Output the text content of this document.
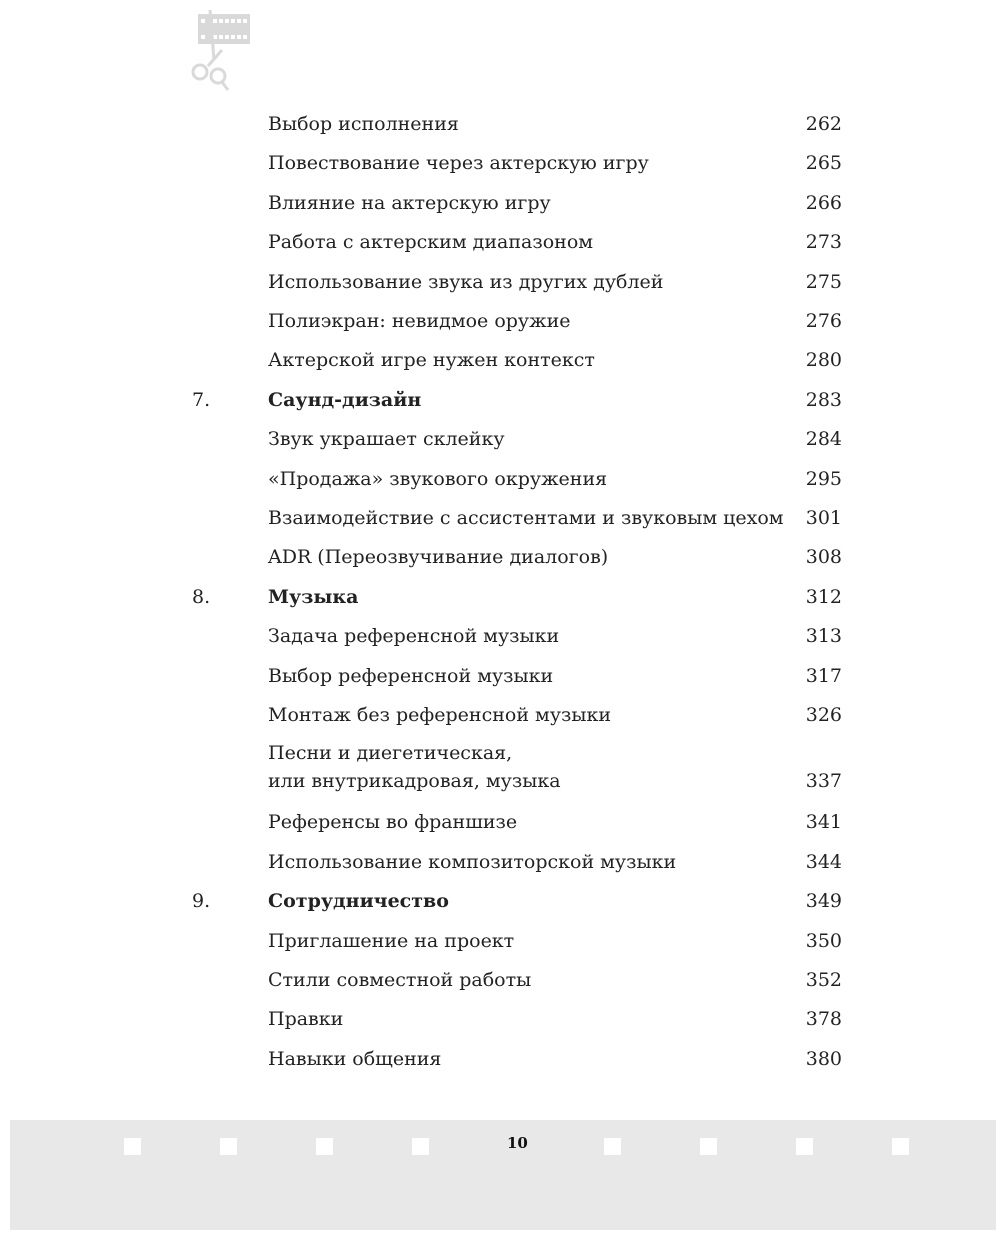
Выбор исполнения	262
Повествование через актерскую игру	265
Влияние на актерскую игру	266
Работа с актерским диапазоном	273
Использование звука из других дублей	275
Полиэкран: невидмое оружие	276
Актерской игре нужен контекст	280
7.	Саунд-дизайн	283
Звук украшает склейку	284
«Продажа» звукового окружения	295
Взаимодействие с ассистентами и звуковым цехом	301
ADR (Переозвучивание диалогов)	308
8.	Музыка	312
Задача референсной музыки	313
Выбор референсной музыки	317
Монтаж без референсной музыки	326
Песни и диегетическая,
или внутрикадровая, музыка	337
Референсы во франшизе	341
Использование композиторской музыки	344
9.	Сотрудничество	349
Приглашение на проект	350
Стили совместной работы	352
Правки	378
Навыки общения	380
10
